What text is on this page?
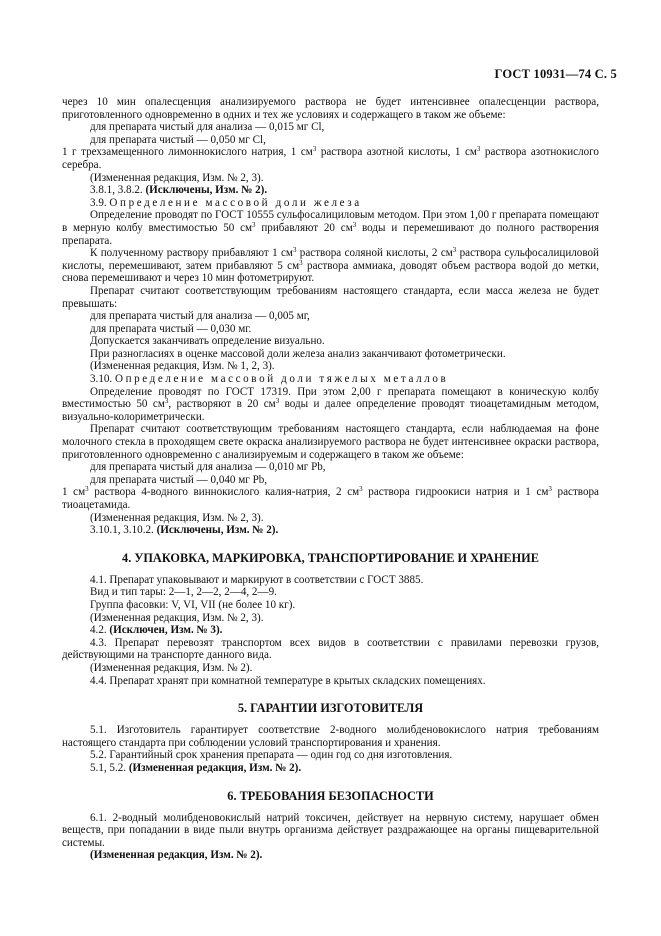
ГОСТ 10931—74 С. 5

через 10 мин опалесценция анализируемого раствора не будет интенсивнее опалесценции раствора, приготовленного одновременно в одних и тех же условиях и содержащего в таком же объеме:

для препарата чистый для анализа — 0,015 мг Cl,

для препарата чистый — 0,050 мг Cl,

1 г трехзамещенного лимоннокислого натрия, 1 $см^3$ раствора азотной кислоты, 1 $см^3$ раствора азотнокислого серебра.

(Измененная редакция, Изм. № 2, 3).

3.8.1, 3.8.2. (Исключены, Изм. № 2).

3.9. Определение массовой доли железа

Определение проводят по ГОСТ 10555 сульфосалициловым методом. При этом 1,00 г препарата помещают в мерную колбу вместимостью 50 $см^3$ прибавляют 20 $см^3$ воды и перемешивают до полного растворения препарата.

К полученному раствору прибавляют 1 $см^3$ раствора соляной кислоты, 2 $см^3$ раствора сульфосалициловой кислоты, перемешивают, затем прибавляют 5 $см^3$ раствора аммиака, доводят объем раствора водой до метки, снова перемешивают и через 10 мин фотометрируют.

Препарат считают соответствующим требованиям настоящего стандарта, если масса железа не будет превышать:

для препарата чистый для анализа — 0,005 мг,

для препарата чистый — 0,030 мг.

Допускается заканчивать определение визуально.

При разногласиях в оценке массовой доли железа анализ заканчивают фотометрически.

(Измененная редакция, Изм. № 1, 2, 3).

3.10. Определение массовой доли тяжелых металлов

Определение проводят по ГОСТ 17319. При этом 2,00 г препарата помещают в коническую колбу вместимостью 50 $см^3$, растворяют в 20 $см^3$ воды и далее определение проводят тиоацетамидным методом, визуально-колориметрически.

Препарат считают соответствующим требованиям настоящего стандарта, если наблюдаемая на фоне молочного стекла в проходящем свете окраска анализируемого раствора не будет интенсивнее окраски раствора, приготовленного одновременно с анализируемым и содержащего в таком же объеме:

для препарата чистый для анализа — 0,010 мг Pb,

для препарата чистый — 0,040 мг Pb,

1 $см^3$ раствора 4-водного виннокислого калия-натрия, 2 $см^3$ раствора гидроокиси натрия и 1 $см^3$ раствора тиоацетамида.

(Измененная редакция, Изм. № 2, 3).

3.10.1, 3.10.2. (Исключены, Изм. № 2).

4. УПАКОВКА, МАРКИРОВКА, ТРАНСПОРТИРОВАНИЕ И ХРАНЕНИЕ

4.1. Препарат упаковывают и маркируют в соответствии с ГОСТ 3885.

Вид и тип тары: 2—1, 2—2, 2—4, 2—9.

Группа фасовки: V, VI, VII (не более 10 кг).

(Измененная редакция, Изм. № 2, 3).

4.2. (Исключен, Изм. № 3).

4.3. Препарат перевозят транспортом всех видов в соответствии с правилами перевозки грузов, действующими на транспорте данного вида.

(Измененная редакция, Изм. № 2).

4.4. Препарат хранят при комнатной температуре в крытых складских помещениях.

5. ГАРАНТИИ ИЗГОТОВИТЕЛЯ

5.1. Изготовитель гарантирует соответствие 2-водного молибденовокислого натрия требованиям настоящего стандарта при соблюдении условий транспортирования и хранения.

5.2. Гарантийный срок хранения препарата — один год со дня изготовления.

5.1, 5.2. (Измененная редакция, Изм. № 2).

6. ТРЕБОВАНИЯ БЕЗОПАСНОСТИ

6.1. 2-водный молибденовокислый натрий токсичен, действует на нервную систему, нарушает обмен веществ, при попадании в виде пыли внутрь организма действует раздражающее на органы пищеварительной системы.

(Измененная редакция, Изм. № 2).
